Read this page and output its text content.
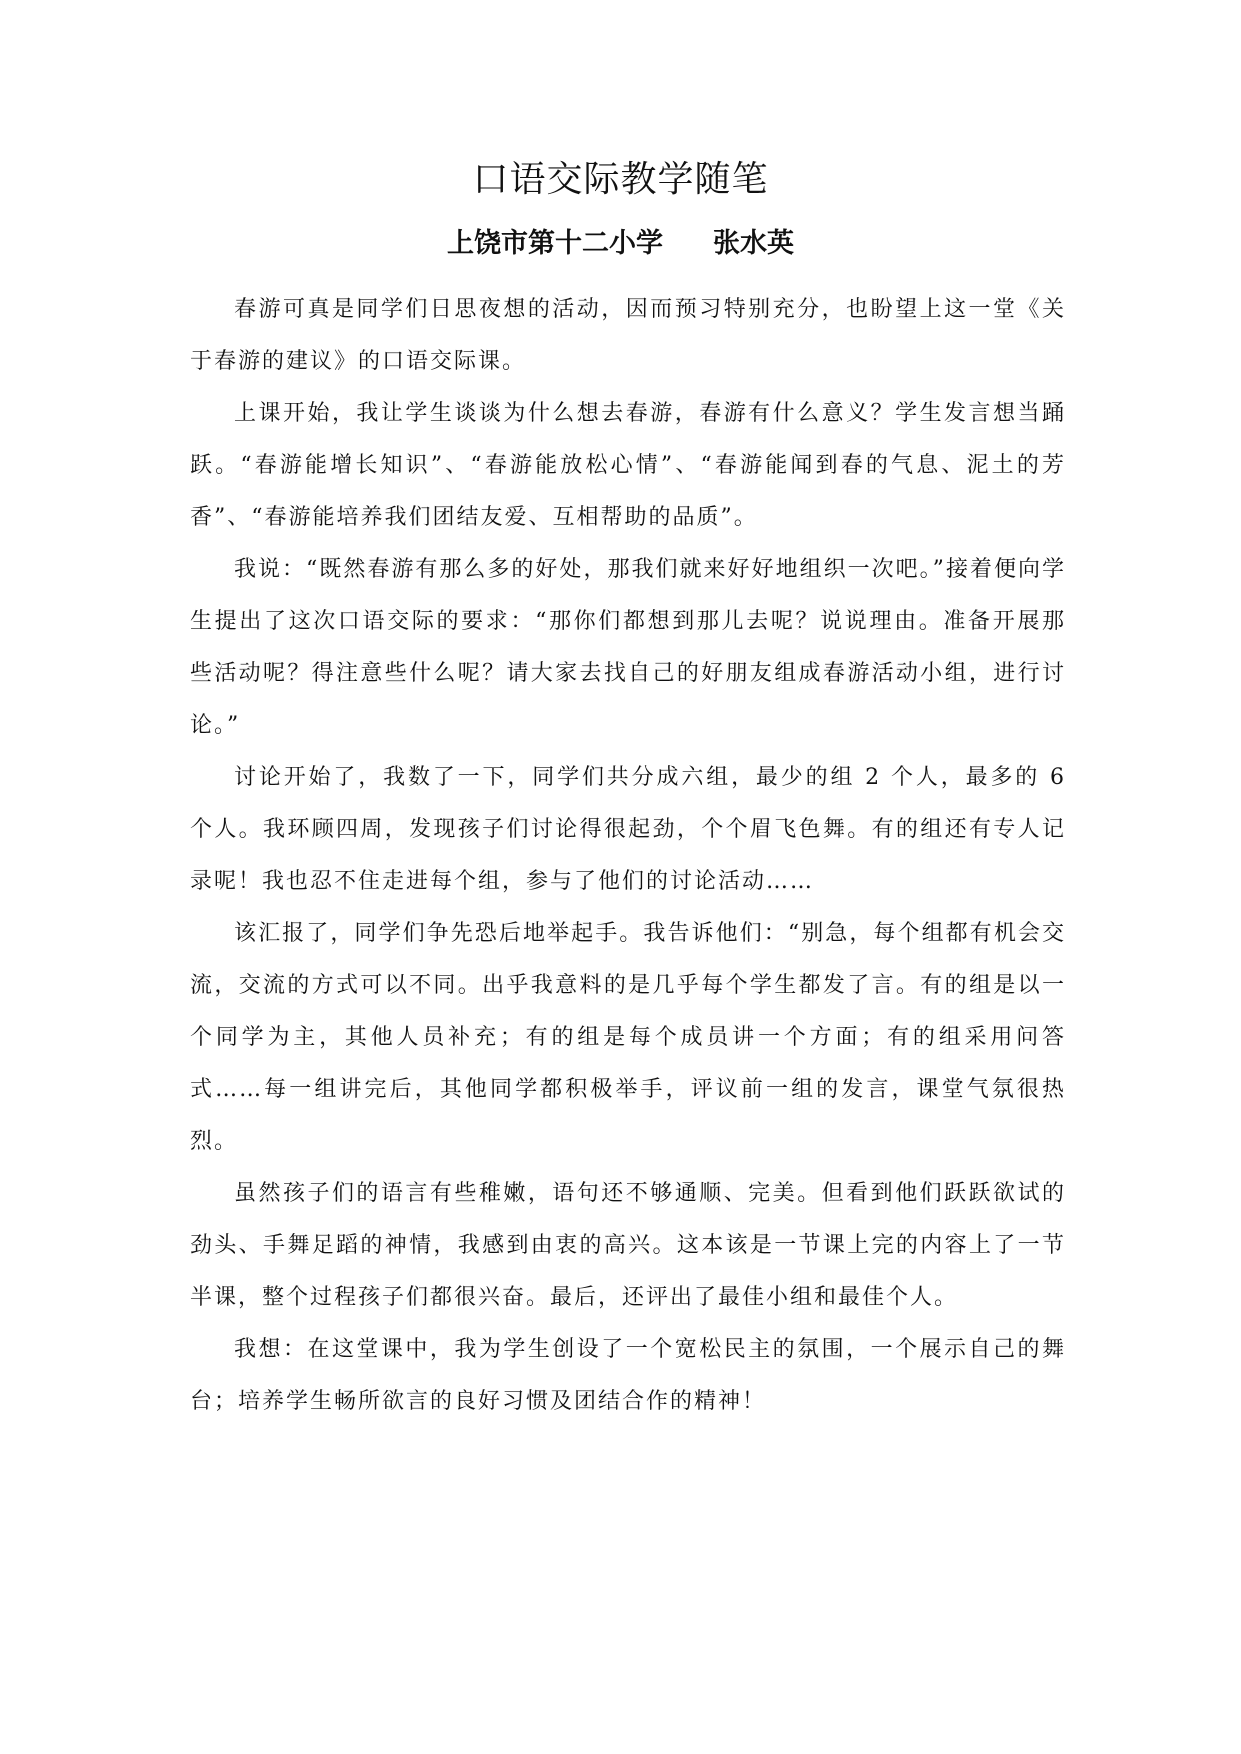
口语交际教学随笔
上饶市第十二小学 张水英

春游可真是同学们日思夜想的活动，因而预习特别充分，也盼望上这一堂《关于春游的建议》的口语交际课。

上课开始，我让学生谈谈为什么想去春游，春游有什么意义？学生发言想当踊跃。“春游能增长知识”、“春游能放松心情”、“春游能闻到春的气息、泥土的芳香”、“春游能培养我们团结友爱、互相帮助的品质”。

我说：“既然春游有那么多的好处，那我们就来好好地组织一次吧。”接着便向学生提出了这次口语交际的要求：“那你们都想到那儿去呢？说说理由。准备开展那些活动呢？得注意些什么呢？请大家去找自己的好朋友组成春游活动小组，进行讨论。”

讨论开始了，我数了一下，同学们共分成六组，最少的组 2 个人，最多的 6 个人。我环顾四周，发现孩子们讨论得很起劲，个个眉飞色舞。有的组还有专人记录呢！我也忍不住走进每个组，参与了他们的讨论活动……

该汇报了，同学们争先恐后地举起手。我告诉他们：“别急，每个组都有机会交流，交流的方式可以不同。出乎我意料的是几乎每个学生都发了言。有的组是以一个同学为主，其他人员补充；有的组是每个成员讲一个方面；有的组采用问答式……每一组讲完后，其他同学都积极举手，评议前一组的发言，课堂气氛很热烈。

虽然孩子们的语言有些稚嫩，语句还不够通顺、完美。但看到他们跃跃欲试的劲头、手舞足蹈的神情，我感到由衷的高兴。这本该是一节课上完的内容上了一节半课，整个过程孩子们都很兴奋。最后，还评出了最佳小组和最佳个人。

我想：在这堂课中，我为学生创设了一个宽松民主的氛围，一个展示自己的舞台；培养学生畅所欲言的良好习惯及团结合作的精神！
